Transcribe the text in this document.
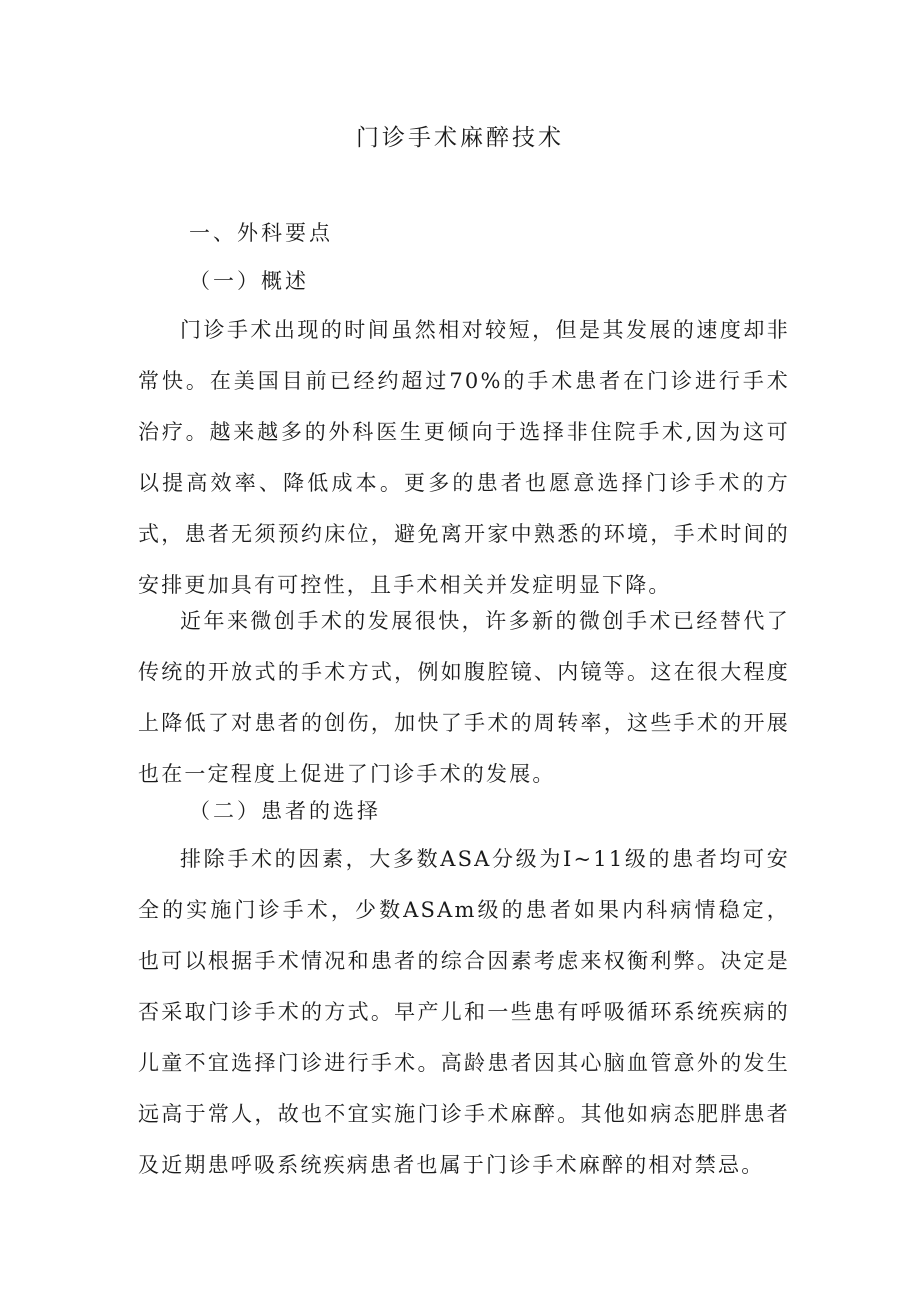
门诊手术麻醉技术
一、外科要点
（一）概述
门诊手术出现的时间虽然相对较短，但是其发展的速度却非常快。在美国目前已经约超过70%的手术患者在门诊进行手术治疗。越来越多的外科医生更倾向于选择非住院手术,因为这可以提高效率、降低成本。更多的患者也愿意选择门诊手术的方式，患者无须预约床位，避免离开家中熟悉的环境，手术时间的安排更加具有可控性，且手术相关并发症明显下降。
近年来微创手术的发展很快，许多新的微创手术已经替代了传统的开放式的手术方式，例如腹腔镜、内镜等。这在很大程度上降低了对患者的创伤，加快了手术的周转率，这些手术的开展也在一定程度上促进了门诊手术的发展。
（二）患者的选择
排除手术的因素，大多数ASA分级为I~11级的患者均可安全的实施门诊手术，少数ASAm级的患者如果内科病情稳定，也可以根据手术情况和患者的综合因素考虑来权衡利弊。决定是否采取门诊手术的方式。早产儿和一些患有呼吸循环系统疾病的儿童不宜选择门诊进行手术。高龄患者因其心脑血管意外的发生远高于常人，故也不宜实施门诊手术麻醉。其他如病态肥胖患者及近期患呼吸系统疾病患者也属于门诊手术麻醉的相对禁忌。
